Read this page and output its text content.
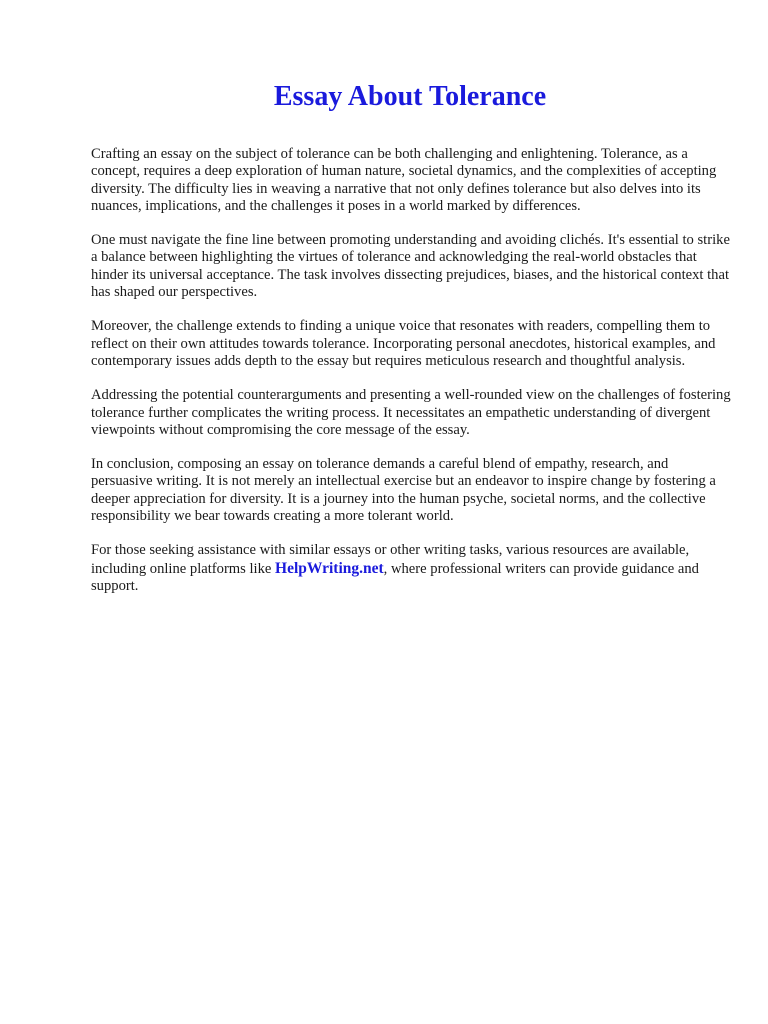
Essay About Tolerance

Crafting an essay on the subject of tolerance can be both challenging and enlightening. Tolerance, as a concept, requires a deep exploration of human nature, societal dynamics, and the complexities of accepting diversity. The difficulty lies in weaving a narrative that not only defines tolerance but also delves into its nuances, implications, and the challenges it poses in a world marked by differences.

One must navigate the fine line between promoting understanding and avoiding clichés. It's essential to strike a balance between highlighting the virtues of tolerance and acknowledging the real-world obstacles that hinder its universal acceptance. The task involves dissecting prejudices, biases, and the historical context that has shaped our perspectives.

Moreover, the challenge extends to finding a unique voice that resonates with readers, compelling them to reflect on their own attitudes towards tolerance. Incorporating personal anecdotes, historical examples, and contemporary issues adds depth to the essay but requires meticulous research and thoughtful analysis.

Addressing the potential counterarguments and presenting a well-rounded view on the challenges of fostering tolerance further complicates the writing process. It necessitates an empathetic understanding of divergent viewpoints without compromising the core message of the essay.

In conclusion, composing an essay on tolerance demands a careful blend of empathy, research, and persuasive writing. It is not merely an intellectual exercise but an endeavor to inspire change by fostering a deeper appreciation for diversity. It is a journey into the human psyche, societal norms, and the collective responsibility we bear towards creating a more tolerant world.

For those seeking assistance with similar essays or other writing tasks, various resources are available, including online platforms like HelpWriting.net, where professional writers can provide guidance and support.
